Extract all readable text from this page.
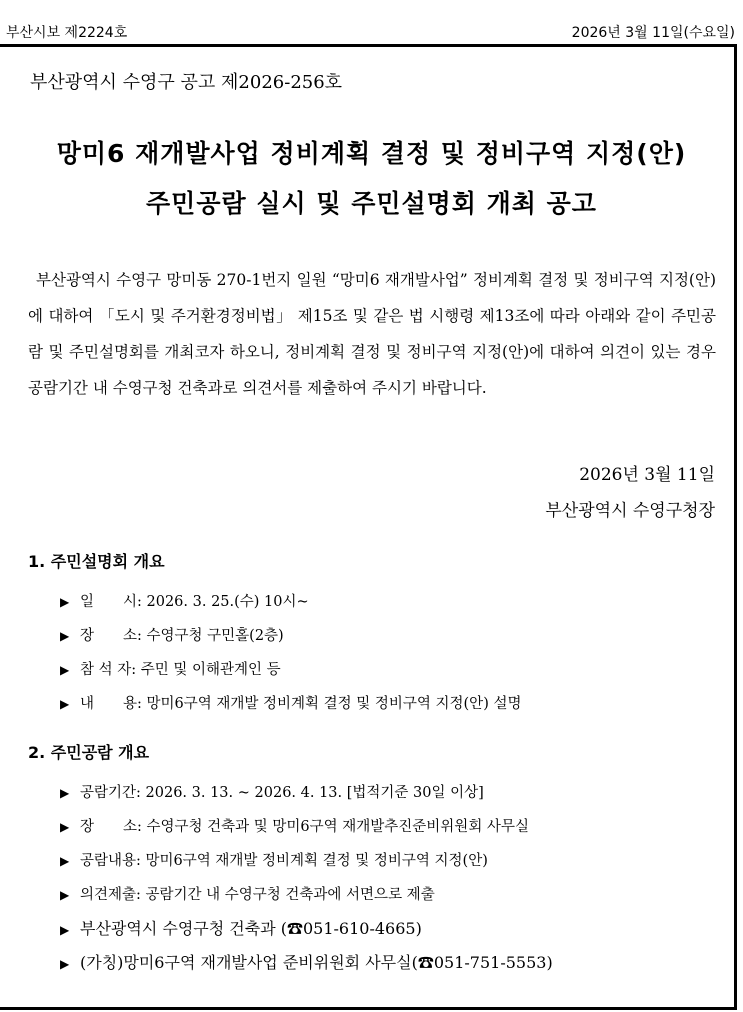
부산시보 제2224호	2026년 3월 11일(수요일)
부산광역시 수영구 공고 제2026-256호
망미6 재개발사업 정비계획 결정 및 정비구역 지정(안)
주민공람 실시 및 주민설명회 개최 공고
부산광역시 수영구 망미동 270-1번지 일원 “망미6 재개발사업” 정비계획 결정 및 정비구역 지정(안)에 대하여 「도시 및 주거환경정비법」 제15조 및 같은 법 시행령 제13조에 따라 아래와 같이 주민공람 및 주민설명회를 개최코자 하오니, 정비계획 결정 및 정비구역 지정(안)에 대하여 의견이 있는 경우 공람기간 내 수영구청 건축과로 의견서를 제출하여 주시기 바랍니다.
2026년 3월 11일
부산광역시 수영구청장
1. 주민설명회 개요
▶ 일　　시: 2026. 3. 25.(수) 10시~
▶ 장　　소: 수영구청 구민홀(2층)
▶ 참 석 자: 주민 및 이해관계인 등
▶ 내　　용: 망미6구역 재개발 정비계획 결정 및 정비구역 지정(안) 설명
2. 주민공람 개요
▶ 공람기간: 2026. 3. 13. ~ 2026. 4. 13. [법적기준 30일 이상]
▶ 장　　소: 수영구청 건축과 및 망미6구역 재개발추진준비위원회 사무실
▶ 공람내용: 망미6구역 재개발 정비계획 결정 및 정비구역 지정(안)
▶ 의견제출: 공람기간 내 수영구청 건축과에 서면으로 제출
▶ 부산광역시 수영구청 건축과 (☎051-610-4665)
▶ (가칭)망미6구역 재개발사업 준비위원회 사무실(☎051-751-5553)
